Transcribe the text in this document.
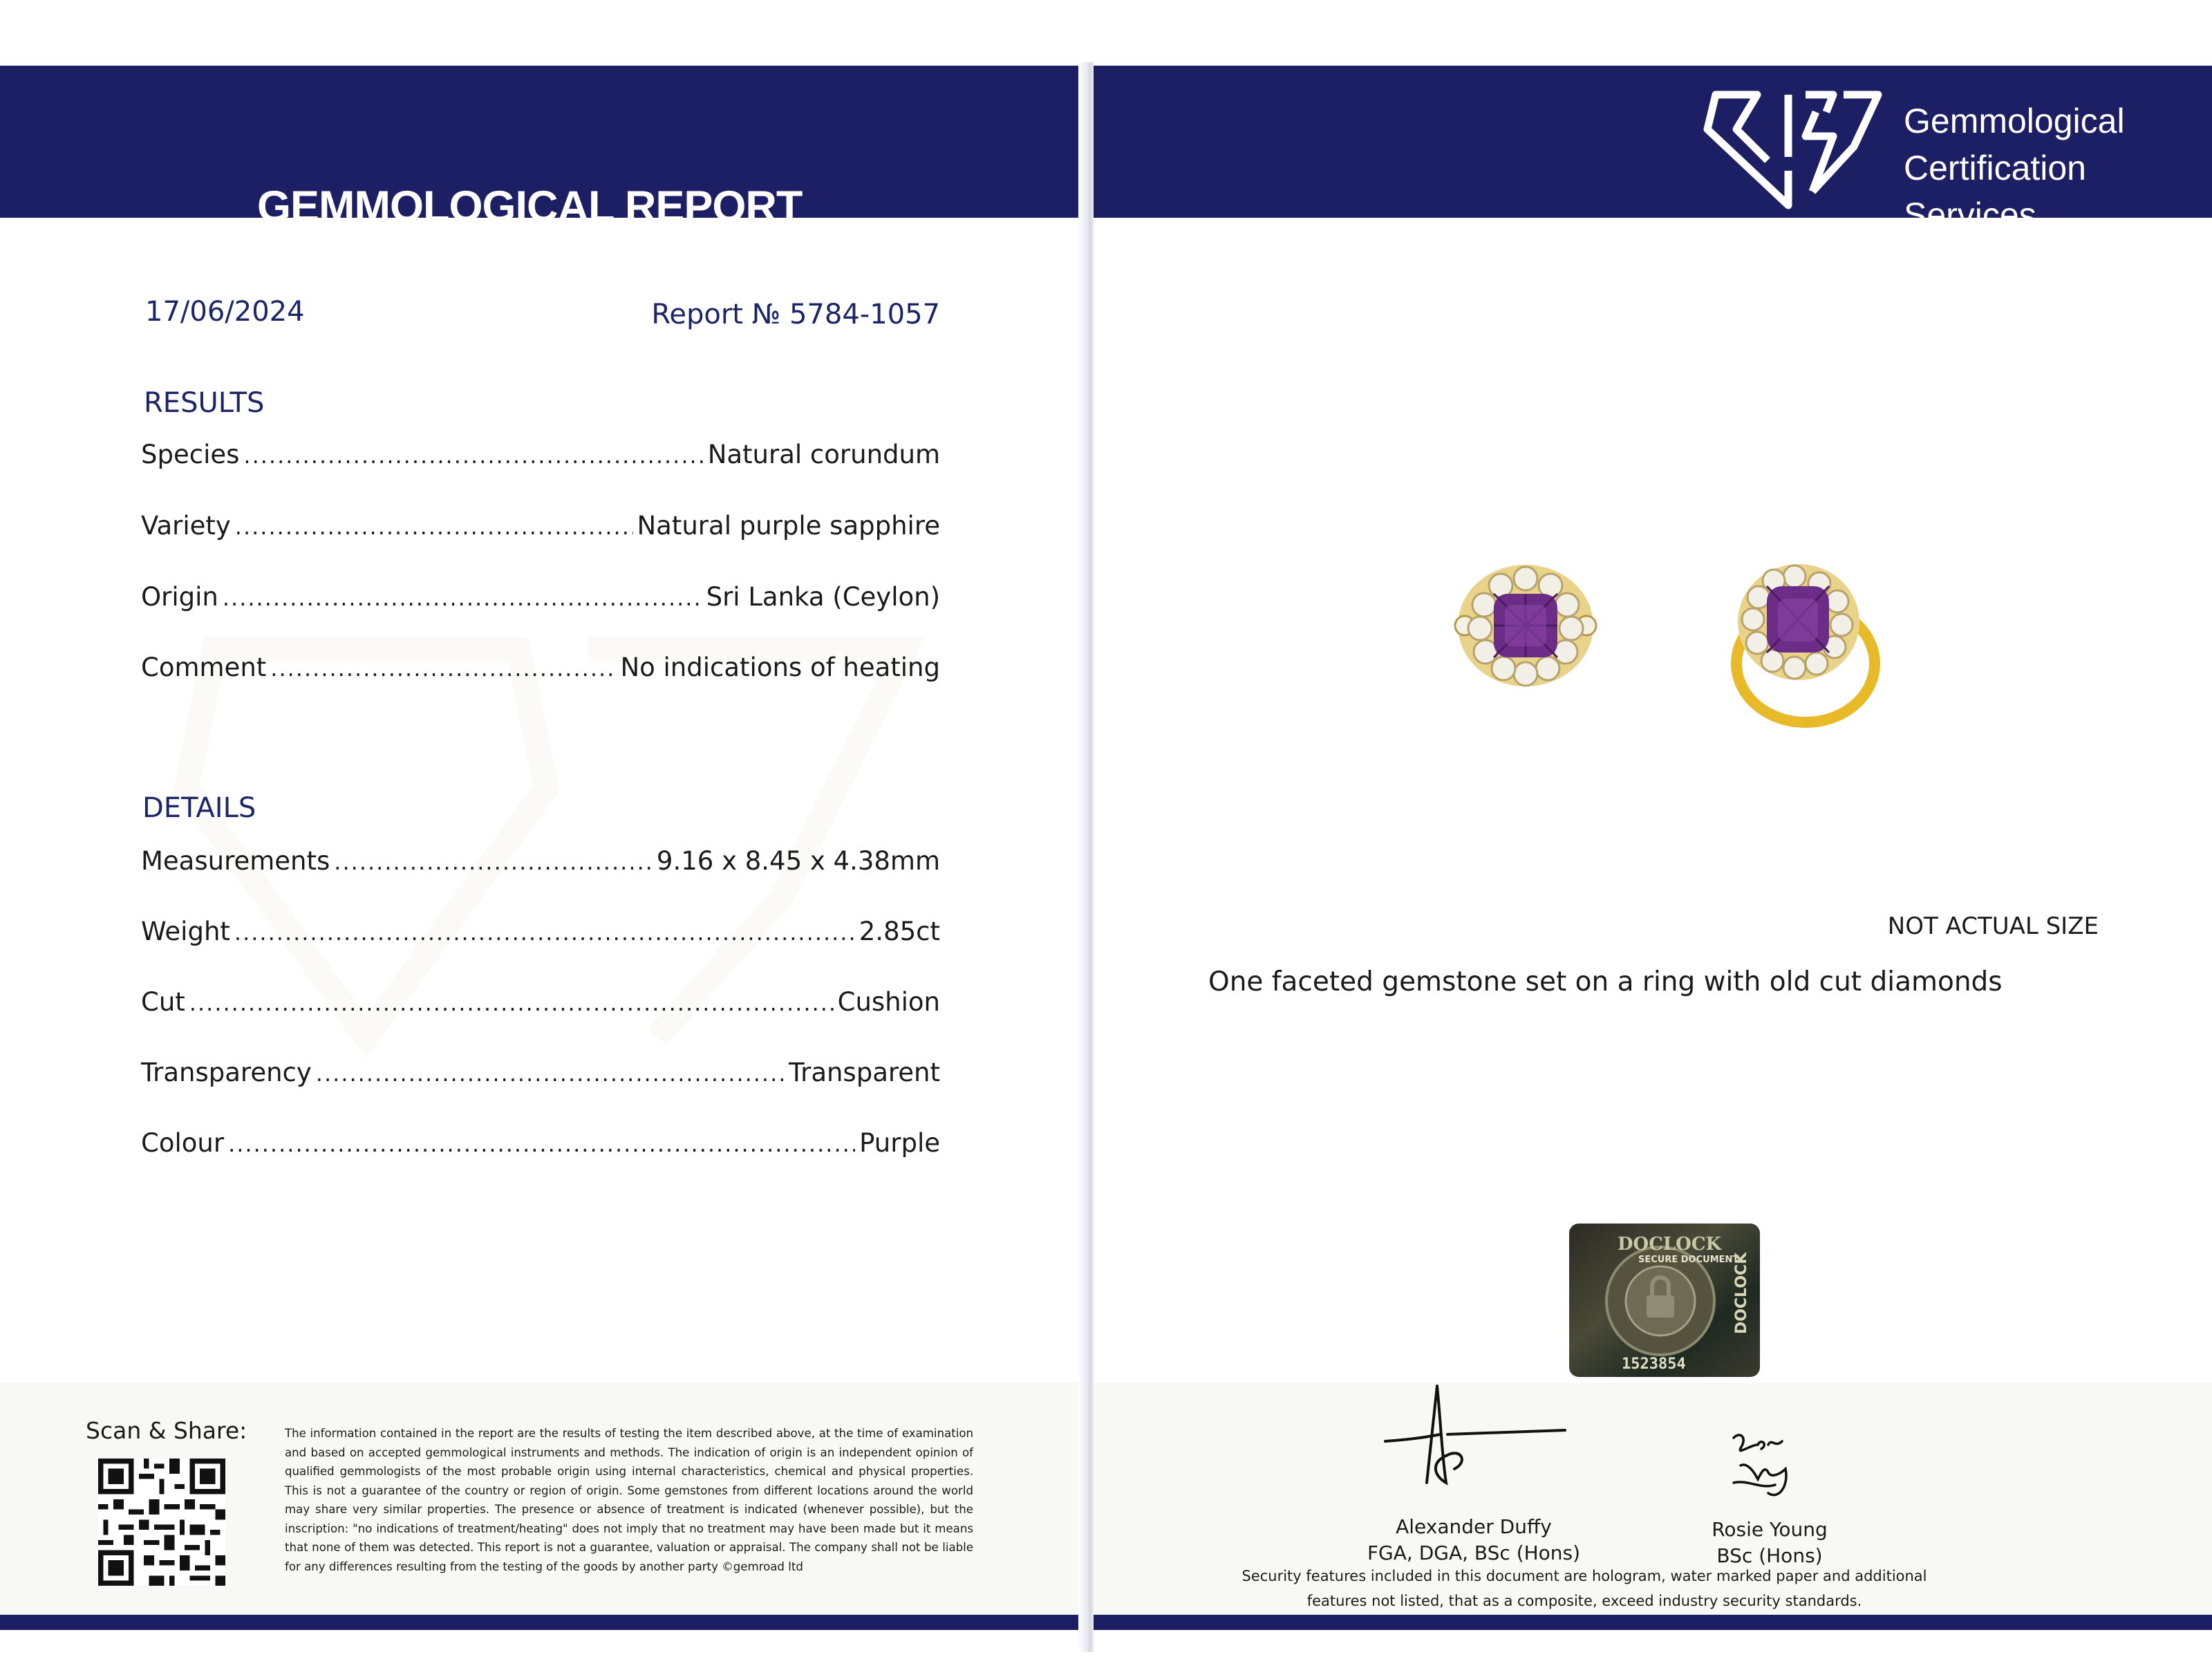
GEMMOLOGICAL REPORT
17/06/2024	Report № 5784-1057
RESULTS
Species .....	Natural corundum
Variety .....	Natural purple sapphire
Origin .....	Sri Lanka (Ceylon)
Comment .....	No indications of heating
DETAILS
Measurements .....	9.16 x 8.45 x 4.38mm
Weight .....	2.85ct
Cut .....	Cushion
Transparency .....	Transparent
Colour .....	Purple
Scan & Share:	The information contained in the report are the results of testing the item described above, at the time of examination and based on accepted gemmological instruments and methods. The indication of origin is an independent opinion of qualified gemmologists of the most probable origin using internal characteristics, chemical and physical properties. This is not a guarantee of the country or region of origin. Some gemstones from different locations around the world may share very similar properties. The presence or absence of treatment is indicated (whenever possible), but the inscription: "no indications of treatment/heating" does not imply that no treatment may have been made but it means that none of them was detected. This report is not a guarantee, valuation or appraisal. The company shall not be liable for any differences resulting from the testing of the goods by another party ©gemroad ltd
Gemmological
Certification
Services
NOT ACTUAL SIZE
One faceted gemstone set on a ring with old cut diamonds
DOCLOCK
SECURE DOCUMENT
DOCLOCK
1523854
Alexander Duffy
FGA, DGA, BSc (Hons)
Rosie Young
BSc (Hons)
Security features included in this document are hologram, water marked paper and additional
features not listed, that as a composite, exceed industry security standards.
